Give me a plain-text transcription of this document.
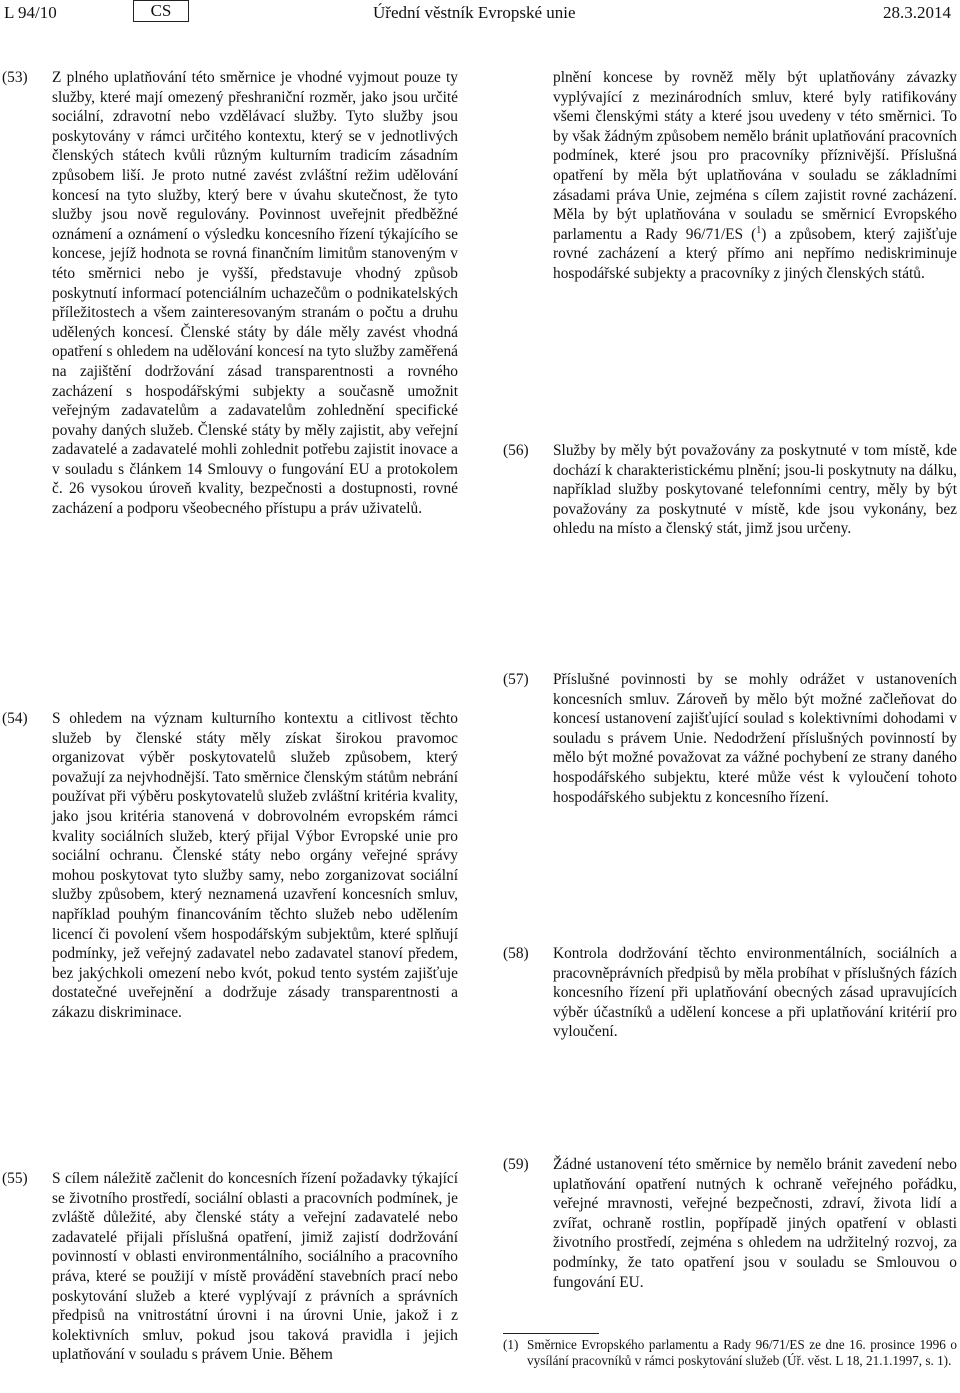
L 94/10	CS	Úřední věstník Evropské unie	28.3.2014
(53)	Z plného uplatňování této směrnice je vhodné vyjmout pouze ty služby, které mají omezený přeshraniční rozměr, jako jsou určité sociální, zdravotní nebo vzdělávací služby. Tyto služby jsou poskytovány v rámci určitého kontextu, který se v jednotlivých členských státech kvůli různým kulturním tradicím zásadním způsobem liší. Je proto nutné zavést zvláštní režim udělování koncesí na tyto služby, který bere v úvahu skutečnost, že tyto služby jsou nově regulovány. Povinnost uveřejnit předběžné oznámení a oznámení o výsledku koncesního řízení týkajícího se koncese, jejíž hodnota se rovná finančním limitům stanoveným v této směrnici nebo je vyšší, představuje vhodný způsob poskytnutí informací potenciálním uchazečům o podnikatelských příležitostech a všem zainteresovaným stranám o počtu a druhu udělených koncesí. Členské státy by dále měly zavést vhodná opatření s ohledem na udělování koncesí na tyto služby zaměřená na zajištění dodržování zásad transparentnosti a rovného zacházení s hospodářskými subjekty a současně umožnit veřejným zadavatelům a zadavatelům zohlednění specifické povahy daných služeb. Členské státy by měly zajistit, aby veřejní zadavatelé a zadavatelé mohli zohlednit potřebu zajistit inovace a v souladu s článkem 14 Smlouvy o fungování EU a protokolem č. 26 vysokou úroveň kvality, bezpečnosti a dostupnosti, rovné zacházení a podporu všeobecného přístupu a práv uživatelů.
(54)	S ohledem na význam kulturního kontextu a citlivost těchto služeb by členské státy měly získat širokou pravomoc organizovat výběr poskytovatelů služeb způsobem, který považují za nejvhodnější. Tato směrnice členským státům nebrání používat při výběru poskytovatelů služeb zvláštní kritéria kvality, jako jsou kritéria stanovená v dobrovolném evropském rámci kvality sociálních služeb, který přijal Výbor Evropské unie pro sociální ochranu. Členské státy nebo orgány veřejné správy mohou poskytovat tyto služby samy, nebo zorganizovat sociální služby způsobem, který neznamená uzavření koncesních smluv, například pouhým financováním těchto služeb nebo udělením licencí či povolení všem hospodářským subjektům, které splňují podmínky, jež veřejný zadavatel nebo zadavatel stanoví předem, bez jakýchkoli omezení nebo kvót, pokud tento systém zajišťuje dostatečné uveřejnění a dodržuje zásady transparentnosti a zákazu diskriminace.
(55)	S cílem náležitě začlenit do koncesních řízení požadavky týkající se životního prostředí, sociální oblasti a pracovních podmínek, je zvláště důležité, aby členské státy a veřejní zadavatelé nebo zadavatelé přijali příslušná opatření, jimiž zajistí dodržování povinností v oblasti environmentálního, sociálního a pracovního práva, které se použijí v místě provádění stavebních prací nebo poskytování služeb a které vyplývají z právních a správních předpisů na vnitrostátní úrovni i na úrovni Unie, jakož i z kolektivních smluv, pokud jsou taková pravidla i jejich uplatňování v souladu s právem Unie. Během
plnění koncese by rovněž měly být uplatňovány závazky vyplývající z mezinárodních smluv, které byly ratifikovány všemi členskými státy a které jsou uvedeny v této směrnici. To by však žádným způsobem nemělo bránit uplatňování pracovních podmínek, které jsou pro pracovníky příznivější. Příslušná opatření by měla být uplatňována v souladu se základními zásadami práva Unie, zejména s cílem zajistit rovné zacházení. Měla by být uplatňována v souladu se směrnicí Evropského parlamentu a Rady 96/71/ES ($^1$) a způsobem, který zajišťuje rovné zacházení a který přímo ani nepřímo nediskriminuje hospodářské subjekty a pracovníky z jiných členských států.
(56)	Služby by měly být považovány za poskytnuté v tom místě, kde dochází k charakteristickému plnění; jsou-li poskytnuty na dálku, například služby poskytované telefonními centry, měly by být považovány za poskytnuté v místě, kde jsou vykonány, bez ohledu na místo a členský stát, jimž jsou určeny.
(57)	Příslušné povinnosti by se mohly odrážet v ustanoveních koncesních smluv. Zároveň by mělo být možné začleňovat do koncesí ustanovení zajišťující soulad s kolektivními dohodami v souladu s právem Unie. Nedodržení příslušných povinností by mělo být možné považovat za vážné pochybení ze strany daného hospodářského subjektu, které může vést k vyloučení tohoto hospodářského subjektu z koncesního řízení.
(58)	Kontrola dodržování těchto environmentálních, sociálních a pracovněprávních předpisů by měla probíhat v příslušných fázích koncesního řízení při uplatňování obecných zásad upravujících výběr účastníků a udělení koncese a při uplatňování kritérií pro vyloučení.
(59)	Žádné ustanovení této směrnice by nemělo bránit zavedení nebo uplatňování opatření nutných k ochraně veřejného pořádku, veřejné mravnosti, veřejné bezpečnosti, zdraví, života lidí a zvířat, ochraně rostlin, popřípadě jiných opatření v oblasti životního prostředí, zejména s ohledem na udržitelný rozvoj, za podmínky, že tato opatření jsou v souladu se Smlouvou o fungování EU.
(1) Směrnice Evropského parlamentu a Rady 96/71/ES ze dne 16. prosince 1996 o vysílání pracovníků v rámci poskytování služeb (Úř. věst. L 18, 21.1.1997, s. 1).
